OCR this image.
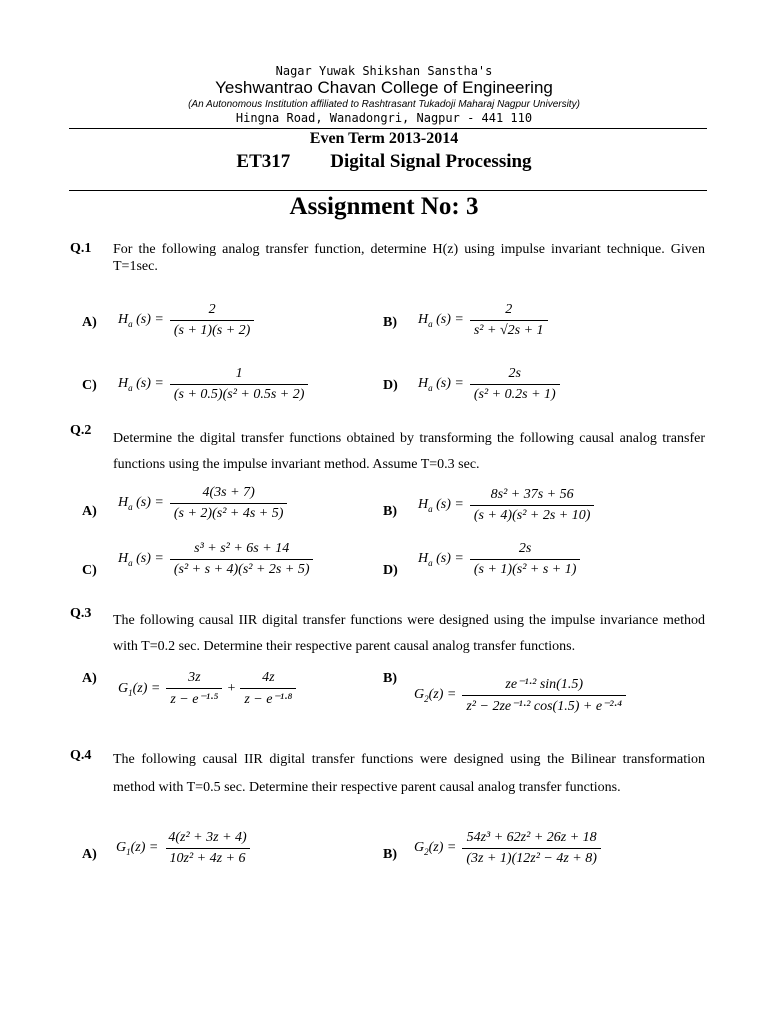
Nagar Yuwak Shikshan Sanstha's
Yeshwantrao Chavan College of Engineering
(An Autonomous Institution affiliated to Rashtrasant Tukadoji Maharaj Nagpur University)
Hingna Road, Wanadongri, Nagpur - 441 110
Even Term 2013-2014
ET317 Digital Signal Processing
Assignment No: 3
Q.1 For the following analog transfer function, determine H(z) using impulse invariant technique. Given T=1sec.
A) $H_a$ $(s) = \frac{2}{(s + 1)(s + 2)}$	B) $H_a$ $(s) = \frac{2}{\text{s² + √2s + 1}}$
C) $H_a$ $(s) = \frac{1}{\text{(s + 0.5)(s² + 0.5s + 2)}}$	D) $H_a$ $(s) = \frac{2s}{\text{(s² + 0.2s + 1)}}$
Q.2
Determine the digital transfer functions obtained by transforming the following causal analog transfer functions using the impulse invariant method. Assume T=0.3 sec.
A)
$H_a$ $(s) = \frac{4(3s + 7)}{\text{(s + 2)(s² + 4s + 5)}}$	B) $H_a$ $(s) = \frac{\text{8s² + 37s + 56}}{\text{(s + 4)(s² + 2s + 10)}}$
C)
$H_a$ $(s) = \frac{\text{s³ + s² + 6s + 14}}{\text{(s² + s + 4)(s² + 2s + 5)}}$	D)
$H_a$ $(s) = \frac{2s}{\text{(s + 1)(s² + s + 1)}}$
Q.3 The following causal IIR digital transfer functions were designed using the impulse invariance method with T=0.2 sec. Determine their respective parent causal analog transfer functions.
A)
$G_1(z) = \frac{3z}{\text{z − e⁻¹·⁵}} + \frac{4z}{\text{z − e⁻¹·⁸}}$	B)
$G_2(z) = \frac{\text{ze⁻¹·² sin(1.5)}}{\text{z² − 2ze⁻¹·² cos(1.5) + e⁻²·⁴}}$
Q.4 The following causal IIR digital transfer functions were designed using the Bilinear transformation method with T=0.5 sec. Determine their respective parent causal analog transfer functions.
A) $G_1(z) = \frac{\text{4(z² + 3z + 4)}}{\text{10z² + 4z + 6}}$	B) $G_2(z) = \frac{\text{54z³ + 62z² + 26z + 18}}{\text{(3z + 1)(12z² − 4z + 8)}}$
